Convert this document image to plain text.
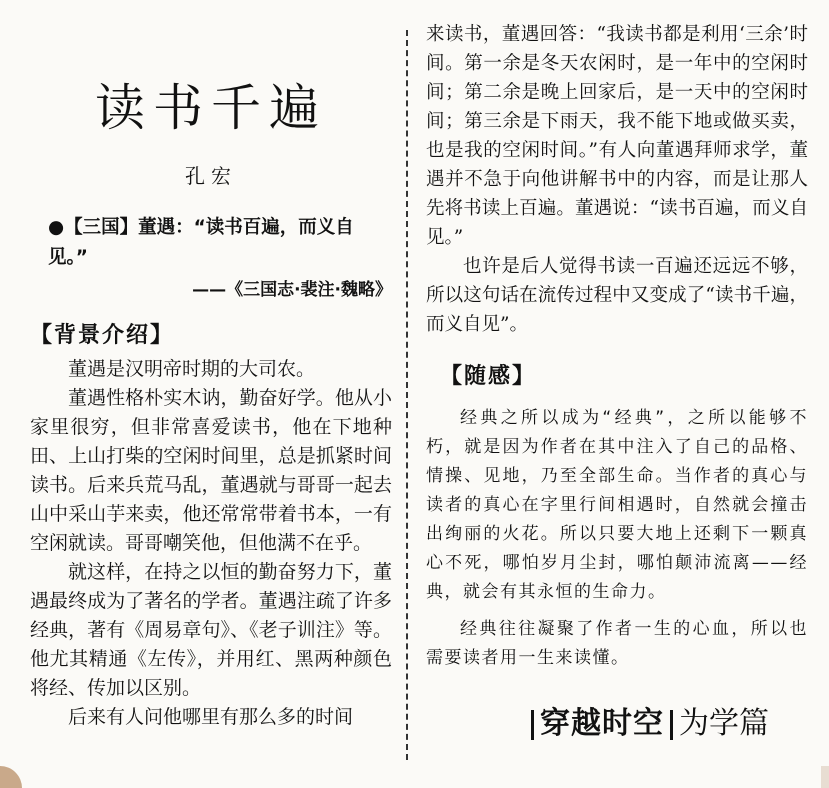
读书千遍
孔宏
●【三国】董遇：“读书百遍，而义自见。”
——《三国志·裴注·魏略》
【背景介绍】

董遇是汉明帝时期的大司农。

董遇性格朴实木讷，勤奋好学。他从小家里很穷，但非常喜爱读书，他在下地种田、上山打柴的空闲时间里，总是抓紧时间读书。后来兵荒马乱，董遇就与哥哥一起去山中采山芋来卖，他还常常带着书本，一有空闲就读。哥哥嘲笑他，但他满不在乎。

就这样，在持之以恒的勤奋努力下，董遇最终成为了著名的学者。董遇注疏了许多经典，著有《周易章句》、《老子训注》等。他尤其精通《左传》，并用红、黑两种颜色将经、传加以区别。

后来有人问他哪里有那么多的时间

来读书，董遇回答：“我读书都是利用‘三余’时间。第一余是冬天农闲时，是一年中的空闲时间；第二余是晚上回家后，是一天中的空闲时间；第三余是下雨天，我不能下地或做买卖，也是我的空闲时间。”有人向董遇拜师求学，董遇并不急于向他讲解书中的内容，而是让那人先将书读上百遍。董遇说：“读书百遍，而义自见。”

也许是后人觉得书读一百遍还远远不够，所以这句话在流传过程中又变成了“读书千遍，而义自见”。

【随感】

经典之所以成为“经典”，之所以能够不朽，就是因为作者在其中注入了自己的品格、情操、见地，乃至全部生命。当作者的真心与读者的真心在字里行间相遇时，自然就会撞击出绚丽的火花。所以只要大地上还剩下一颗真心不死，哪怕岁月尘封，哪怕颠沛流离——经典，就会有其永恒的生命力。

经典往往凝聚了作者一生的心血，所以也需要读者用一生来读懂。

穿越时空 为学篇
